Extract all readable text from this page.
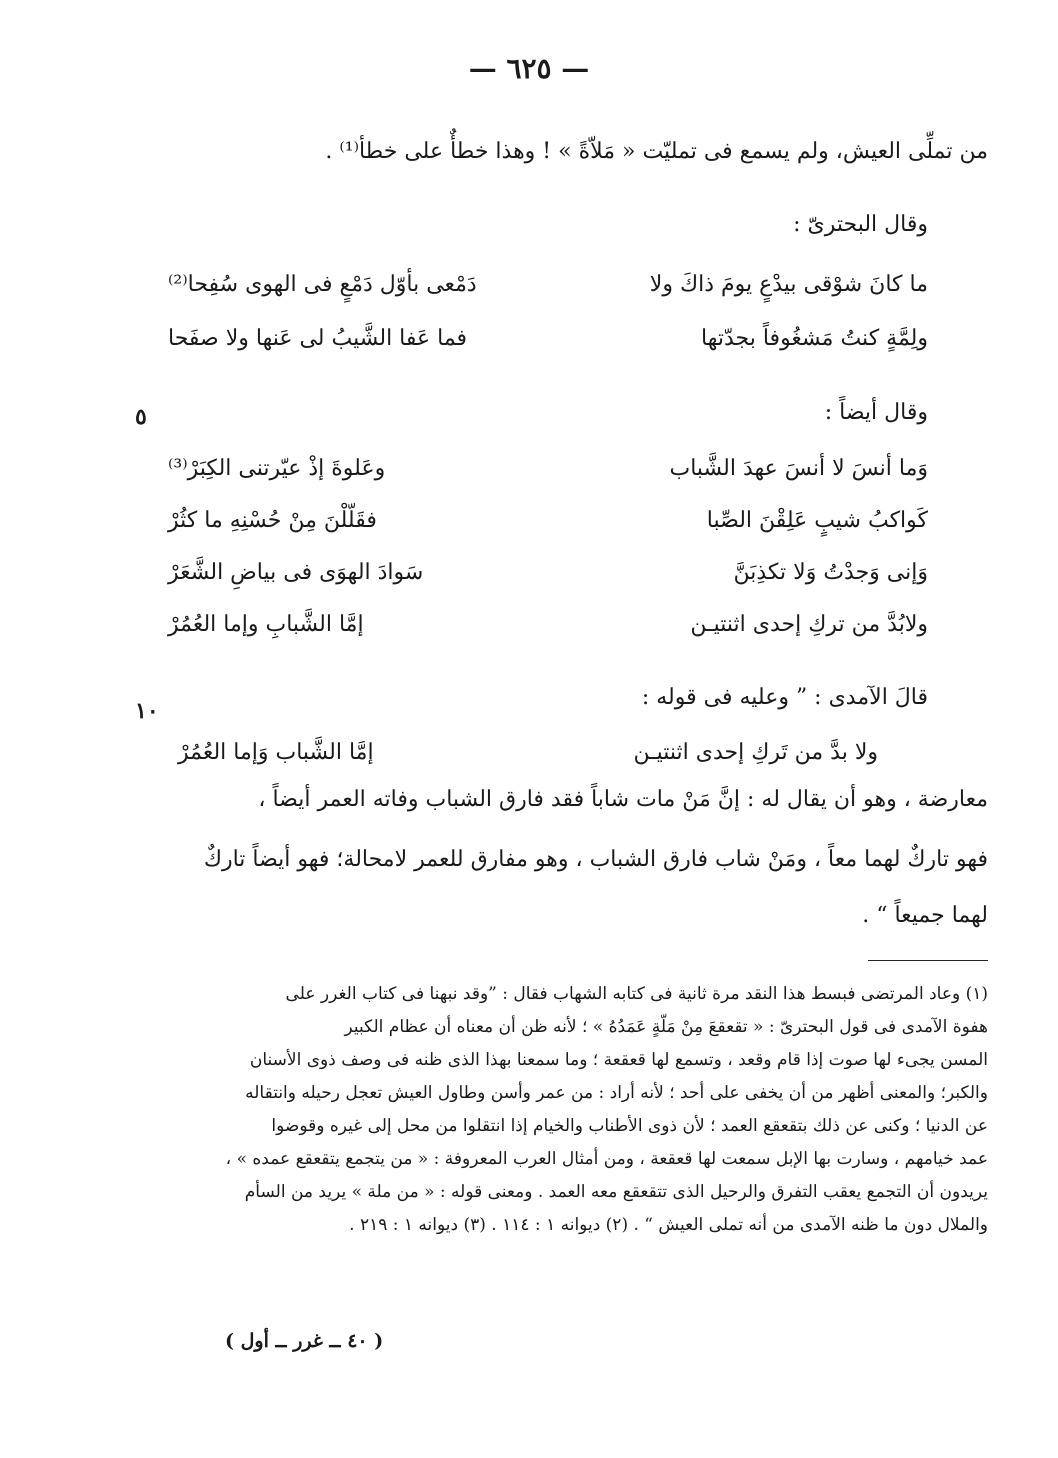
— ٦٢٥ —
من تملِّى العيش، ولم يسمع فى تمليّت « مَلاّةً » ! وهذا خطأٌ على خطأ⁽¹⁾ .
وقال البحترىّ :
ما كانَ شوْقى بيدْعٍ يومَ ذاكَ ولا
دَمْعى بأوّل دَمْعٍ فى الهوى سُفِحا⁽²⁾
ولِمَّةٍ كنتُ مَشغُوفاً بجدّتها
فما عَفا الشَّيبُ لى عَنها ولا صفَحا
وقال أيضاً :
٥
وَما أنسَ لا أنسَ عهدَ الشَّباب
وعَلوةَ إذْ عيّرتنى الكِبَرْ⁽³⁾
كَواكبُ شيبٍ عَلِقْنَ الصِّبا
فقَلّلْنَ مِنْ حُسْنِهِ ما كثُرْ
وَإنى وَجدْتُ وَلا تكذِبَنَّ
سَوادَ الهوَى فى بياضِ الشَّعَرْ
ولابُدَّ من تركِ إحدى اثنتيـن
إمَّا الشَّبابِ وإما العُمُرْ
قالَ الآمدى : ” وعليه فى قوله :
١٠
ولا بدَّ من تَركِ إحدى اثنتيـن
إمَّا الشَّباب وَإما العُمُرْ
معارضة ، وهو أن يقال له : إنَّ مَنْ مات شاباً فقد فارق الشباب وفاته العمر أيضاً ،
فهو تاركٌ لهما معاً ، ومَنْ شاب فارق الشباب ، وهو مفارق للعمر لامحالة؛ فهو أيضاً تاركٌ
لهما جميعاً “ .

(١) وعاد المرتضى فبسط هذا النقد مرة ثانية فى كتابه الشهاب فقال : ”وقد نبهنا فى كتاب الغرر على

هفوة الآمدى فى قول البحترىّ : « تقعقعَ مِنْ مَلّةٍ عَمَدُهُ » ؛ لأنه ظن أن معناه أن عظام الكبير

المسن يجىء لها صوت إذا قام وقعد ، وتسمع لها قعقعة ؛ وما سمعنا بهذا الذى ظنه فى وصف ذوى الأسنان

والكبر؛ والمعنى أظهر من أن يخفى على أحد ؛ لأنه أراد : من عمر وأسن وطاول العيش تعجل رحيله وانتقاله

عن الدنيا ؛ وكنى عن ذلك بتقعقع العمد ؛ لأن ذوى الأطناب والخيام إذا انتقلوا من محل إلى غيره وقوضوا

عمد خيامهم ، وسارت بها الإبل سمعت لها قعقعة ، ومن أمثال العرب المعروفة : « من يتجمع يتقعقع عمده » ،

يريدون أن التجمع يعقب التفرق والرحيل الذى تتقعقع معه العمد . ومعنى قوله : « من ملة » يريد من السأم

والملال دون ما ظنه الآمدى من أنه تملى العيش “ . (٢) ديوانه ١ : ١١٤ . (٣) ديوانه ١ : ٢١٩ .

( ٤٠ ــ غرر ــ أول )
